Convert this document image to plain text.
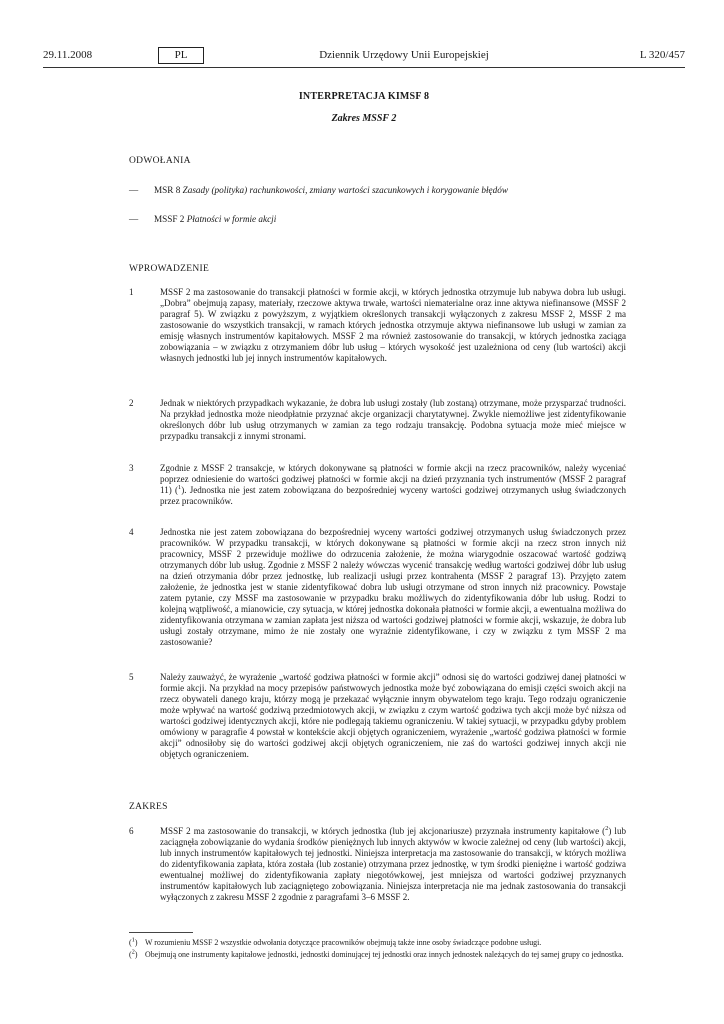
29.11.2008	PL	Dziennik Urzędowy Unii Europejskiej	L 320/457
INTERPRETACJA KIMSF 8
Zakres MSSF 2
ODWOŁANIA
— MSR 8 Zasady (polityka) rachunkowości, zmiany wartości szacunkowych i korygowanie błędów
— MSSF 2 Płatności w formie akcji
WPROWADZENIE
1	MSSF 2 ma zastosowanie do transakcji płatności w formie akcji, w których jednostka otrzymuje lub nabywa dobra lub usługi. „Dobra” obejmują zapasy, materiały, rzeczowe aktywa trwałe, wartości niematerialne oraz inne aktywa niefinansowe (MSSF 2 paragraf 5). W związku z powyższym, z wyjątkiem określonych transakcji wyłączonych z zakresu MSSF 2, MSSF 2 ma zastosowanie do wszystkich transakcji, w ramach których jednostka otrzymuje aktywa niefinansowe lub usługi w zamian za emisję własnych instrumentów kapitałowych. MSSF 2 ma również zastosowanie do transakcji, w których jednostka zaciąga zobowiązania – w związku z otrzymaniem dóbr lub usług – których wysokość jest uzależniona od ceny (lub wartości) akcji własnych jednostki lub jej innych instrumentów kapitałowych.
2	Jednak w niektórych przypadkach wykazanie, że dobra lub usługi zostały (lub zostaną) otrzymane, może przysparzać trudności. Na przykład jednostka może nieodpłatnie przyznać akcje organizacji charytatywnej. Zwykle niemożliwe jest zidentyfikowanie określonych dóbr lub usług otrzymanych w zamian za tego rodzaju transakcję. Podobna sytuacja może mieć miejsce w przypadku transakcji z innymi stronami.
3	Zgodnie z MSSF 2 transakcje, w których dokonywane są płatności w formie akcji na rzecz pracowników, należy wyceniać poprzez odniesienie do wartości godziwej płatności w formie akcji na dzień przyznania tych instrumentów (MSSF 2 paragraf 11) ($^1$). Jednostka nie jest zatem zobowiązana do bezpośredniej wyceny wartości godziwej otrzymanych usług świadczonych przez pracowników.
4	Jednostka nie jest zatem zobowiązana do bezpośredniej wyceny wartości godziwej otrzymanych usług świadczonych przez pracowników. W przypadku transakcji, w których dokonywane są płatności w formie akcji na rzecz stron innych niż pracownicy, MSSF 2 przewiduje możliwe do odrzucenia założenie, że można wiarygodnie oszacować wartość godziwą otrzymanych dóbr lub usług. Zgodnie z MSSF 2 należy wówczas wycenić transakcję według wartości godziwej dóbr lub usług na dzień otrzymania dóbr przez jednostkę, lub realizacji usługi przez kontrahenta (MSSF 2 paragraf 13). Przyjęto zatem założenie, że jednostka jest w stanie zidentyfikować dobra lub usługi otrzymane od stron innych niż pracownicy. Powstaje zatem pytanie, czy MSSF ma zastosowanie w przypadku braku możliwych do zidentyfikowania dóbr lub usług. Rodzi to kolejną wątpliwość, a mianowicie, czy sytuacja, w której jednostka dokonała płatności w formie akcji, a ewentualna możliwa do zidentyfikowania otrzymana w zamian zapłata jest niższa od wartości godziwej płatności w formie akcji, wskazuje, że dobra lub usługi zostały otrzymane, mimo że nie zostały one wyraźnie zidentyfikowane, i czy w związku z tym MSSF 2 ma zastosowanie?
5	Należy zauważyć, że wyrażenie „wartość godziwa płatności w formie akcji” odnosi się do wartości godziwej danej płatności w formie akcji. Na przykład na mocy przepisów państwowych jednostka może być zobowiązana do emisji części swoich akcji na rzecz obywateli danego kraju, którzy mogą je przekazać wyłącznie innym obywatelom tego kraju. Tego rodzaju ograniczenie może wpływać na wartość godziwą przedmiotowych akcji, w związku z czym wartość godziwa tych akcji może być niższa od wartości godziwej identycznych akcji, które nie podlegają takiemu ograniczeniu. W takiej sytuacji, w przypadku gdyby problem omówiony w paragrafie 4 powstał w kontekście akcji objętych ograniczeniem, wyrażenie „wartość godziwa płatności w formie akcji” odnosiłoby się do wartości godziwej akcji objętych ograniczeniem, nie zaś do wartości godziwej innych akcji nie objętych ograniczeniem.
ZAKRES
6	MSSF 2 ma zastosowanie do transakcji, w których jednostka (lub jej akcjonariusze) przyznała instrumenty kapitałowe ($^2$) lub zaciągnęła zobowiązanie do wydania środków pieniężnych lub innych aktywów w kwocie zależnej od ceny (lub wartości) akcji, lub innych instrumentów kapitałowych tej jednostki. Niniejsza interpretacja ma zastosowanie do transakcji, w których możliwa do zidentyfikowania zapłata, która została (lub zostanie) otrzymana przez jednostkę, w tym środki pieniężne i wartość godziwa ewentualnej możliwej do zidentyfikowania zapłaty niegotówkowej, jest mniejsza od wartości godziwej przyznanych instrumentów kapitałowych lub zaciągniętego zobowiązania. Niniejsza interpretacja nie ma jednak zastosowania do transakcji wyłączonych z zakresu MSSF 2 zgodnie z paragrafami 3–6 MSSF 2.
($^1$) W rozumieniu MSSF 2 wszystkie odwołania dotyczące pracowników obejmują także inne osoby świadczące podobne usługi.
($^2$) Obejmują one instrumenty kapitałowe jednostki, jednostki dominującej tej jednostki oraz innych jednostek należących do tej samej grupy co jednostka.
